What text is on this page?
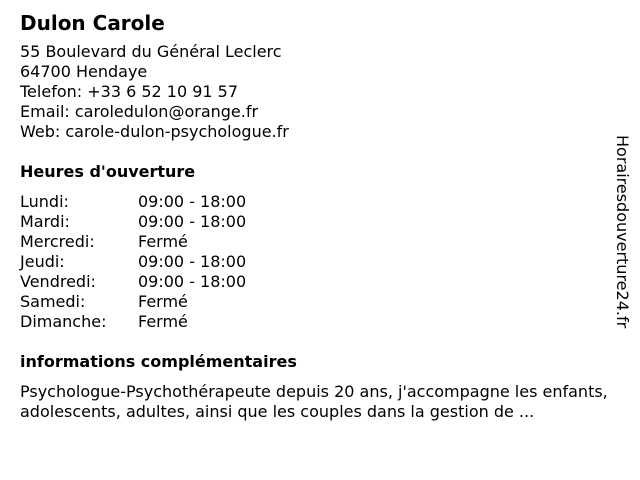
Dulon Carole
55 Boulevard du Général Leclerc
64700 Hendaye
Telefon: +33 6 52 10 91 57
Email: caroledulon@orange.fr
Web: carole-dulon-psychologue.fr
Heures d'ouverture
Lundi:	09:00 - 18:00
Mardi:	09:00 - 18:00
Mercredi:	Fermé
Jeudi:	09:00 - 18:00
Vendredi:	09:00 - 18:00
Samedi:	Fermé
Dimanche:	Fermé
informations complémentaires
Psychologue-Psychothérapeute depuis 20 ans, j'accompagne les enfants, adolescents, adultes, ainsi que les couples dans la gestion de ...
Horairesdouverture24.fr
